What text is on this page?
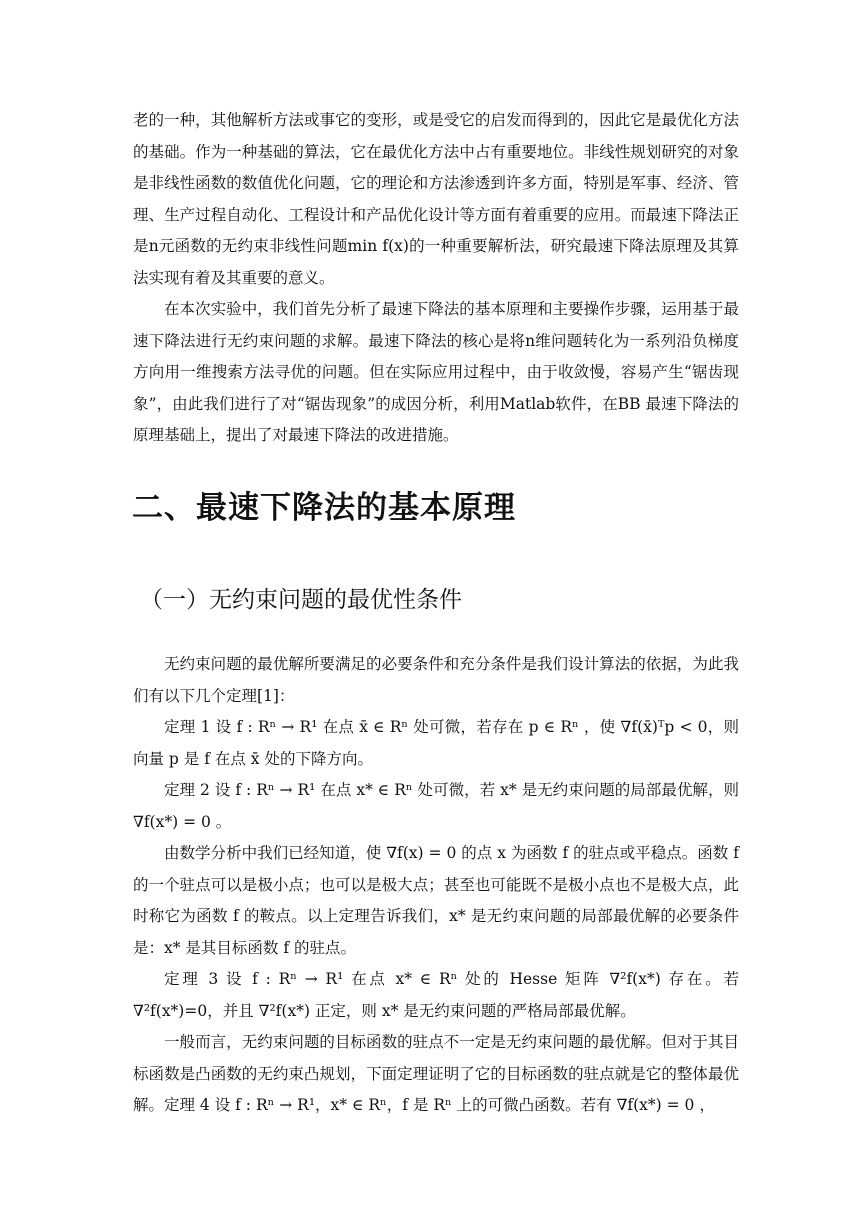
老的一种，其他解析方法或事它的变形，或是受它的启发而得到的，因此它是最优化方法的基础。作为一种基础的算法，它在最优化方法中占有重要地位。非线性规划研究的对象是非线性函数的数值优化问题，它的理论和方法渗透到许多方面，特别是军事、经济、管理、生产过程自动化、工程设计和产品优化设计等方面有着重要的应用。而最速下降法正是n元函数的无约束非线性问题min f(x)的一种重要解析法，研究最速下降法原理及其算法实现有着及其重要的意义。

在本次实验中，我们首先分析了最速下降法的基本原理和主要操作步骤，运用基于最速下降法进行无约束问题的求解。最速下降法的核心是将n维问题转化为一系列沿负梯度方向用一维搜索方法寻优的问题。但在实际应用过程中，由于收敛慢，容易产生“锯齿现象”，由此我们进行了对“锯齿现象”的成因分析，利用Matlab软件，在BB 最速下降法的原理基础上，提出了对最速下降法的改进措施。

二、最速下降法的基本原理
（一）无约束问题的最优性条件

无约束问题的最优解所要满足的必要条件和充分条件是我们设计算法的依据，为此我们有以下几个定理[1]：

定理 1 设 f : Rⁿ → R¹ 在点 x̄ ∈ Rⁿ 处可微，若存在 p ∈ Rⁿ ，使 ∇f(x̄)ᵀp < 0，则向量 p 是 f 在点 x̄ 处的下降方向。

定理 2 设 f : Rⁿ → R¹ 在点 x* ∈ Rⁿ 处可微，若 x* 是无约束问题的局部最优解，则 ∇f(x*) = 0 。

由数学分析中我们已经知道，使 ∇f(x) = 0 的点 x 为函数 f 的驻点或平稳点。函数 f 的一个驻点可以是极小点；也可以是极大点；甚至也可能既不是极小点也不是极大点，此时称它为函数 f 的鞍点。以上定理告诉我们，x* 是无约束问题的局部最优解的必要条件是：x* 是其目标函数 f 的驻点。

定理 3 设 f : Rⁿ → R¹ 在点 x* ∈ Rⁿ 处的 Hesse 矩阵 ∇²f(x*) 存在。若 ∇²f(x*)=0，并且 ∇²f(x*) 正定，则 x* 是无约束问题的严格局部最优解。

一般而言，无约束问题的目标函数的驻点不一定是无约束问题的最优解。但对于其目标函数是凸函数的无约束凸规划，下面定理证明了它的目标函数的驻点就是它的整体最优解。 定理 4 设 f : Rⁿ → R¹，x* ∈ Rⁿ，f 是 Rⁿ 上的可微凸函数。若有 ∇f(x*) = 0 ，
